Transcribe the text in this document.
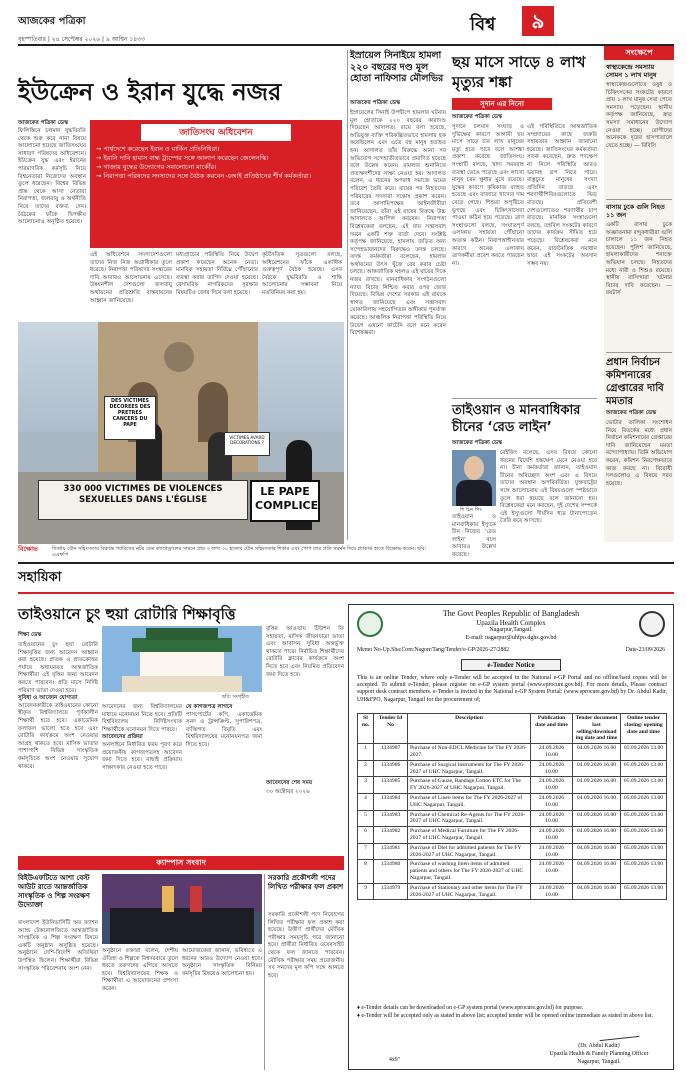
আজকের পত্রিকা
বৃহস্পতিবার | ২৪ সেপ্টেম্বর ২০২৬ | ৯ আশ্বিন ১৪৩৩
বিশ্ব	৯
ইউক্রেন ও ইরান যুদ্ধে নজর
আজকের পত্রিকা ডেস্ক
ফিলিস্তিনে চলমান যুদ্ধবিরতি থেকে শুরু করে নানা বিষয়ে আলোচনা হয়েছে জাতিসংঘের সাধারণ পরিষদের অধিবেশনে। ইউক্রেন যুদ্ধ এবং ইরানের পারমাণবিক কর্মসূচি নিয়ে বিশ্বনেতারা নিজেদের অবস্থান তুলে ধরেছেন। বিশ্বের বিভিন্ন প্রান্ত থেকে আসা নেতারা নিরাপত্তা, জলবায়ু ও অর্থনীতি নিয়ে তাদের বক্তব্য দেন। বৈঠকের ফাঁকে দ্বিপক্ষীয় আলোচনাও অনুষ্ঠিত হয়েছে।
জাতিসংঘ অধিবেশন
→ পার্শ্বদেশে করেছেন ইরান ও মার্কিন প্রতিনিধিরা।
→ ইরানি দাবি হামাস বাহ্ম ট্রাম্পের সঙ্গে আলাপ করেছেন জেলেনস্কি।
→ গাজায় যুদ্ধের উদ্যোগের সমালোচনা মার্কোঁর।
→ নিরাপত্তা পরিষদের সদস্যদের সঙ্গে বৈঠক করবেন এআই প্রতিষ্ঠানের শীর্ষ কর্মকর্তারা।
এই অধিবেশনে সদস্যদেশগুলো তাদের নিজ নিজ অগ্রাধিকার তুলে ধরেছে। নিরাপত্তা পরিষদের সংস্কারের দাবি আবারও আলোচনায় এসেছে। উন্নয়নশীল দেশগুলো জলবায়ু অর্থায়নের প্রতিশ্রুতি বাস্তবায়নের আহ্বান জানিয়েছে।
মধ্যপ্রাচ্যের পরিস্থিতি নিয়ে উদ্বেগ প্রকাশ করেছেন অনেক নেতা। মানবিক সহায়তা নির্বিঘ্নে পৌঁছানোর ব্যবস্থা করার তাগিদ দেওয়া হয়েছে। বেসামরিক নাগরিকদের সুরক্ষার বিষয়টিও জোর দিয়ে বলা হয়েছে।
কূটনৈতিক সূত্রগুলো বলছে, অধিবেশনের ফাঁকে একাধিক গুরুত্বপূর্ণ বৈঠক হয়েছে। এসব বৈঠকে যুদ্ধবিরতি ও শান্তি আলোচনার সম্ভাবনা নিয়ে মতবিনিময় করা হয়।
DES VICTIMES DECOREES DES PRETRES CANCERS DU PAPE
VICTIMES AVARD DECORATIONS ?
330 000 VICTIMES DE VIOLENCES SEXUELLES DANS L'ÉGLISE
LE PAPE COMPLICE
বিক্ষোভ	গির্জায় যৌন সহিংসতার বিরুদ্ধে প্যারিসের নটর ডেম ক্যাথেড্রালের সামনে প্রায় ৩ লাখ ৩০ হাজার যৌন সহিংসতার শিকার এবং পোপ তার প্রতি সমর্থন দিয়ে প্ল্যাকার্ড হাতে বিক্ষোভ করেন। ছবি: এএফপি
ইস্রায়েল সিনাইয়ে হামলা ২২০ বছরের দণ্ড মূল হোতা নাফিসার মৌলভির
আজকের পত্রিকা ডেস্ক
ইস্রায়েলের সিনাই উপদ্বীপে হামলার ঘটনায় মূল হোতাকে ২২০ বছরের কারাদণ্ড দিয়েছেন আদালত। রায়ে বলা হয়েছে, অভিযুক্ত ব্যক্তি পরিকল্পিতভাবে হামলার ছক কষেছিলেন এবং এতে বহু মানুষ হতাহত হন। আদালত তাঁর বিরুদ্ধে আনা সব অভিযোগ সন্দেহাতীতভাবে প্রমাণিত হয়েছে বলে উল্লেখ করেন। মামলার শুনানিতে প্রত্যক্ষদর্শীদের সাক্ষ্য নেওয়া হয়। আদালত বলেন, এ ধরনের অপরাধ সমাজে ভয়ের পরিবেশ তৈরি করে। রায়ের পর নিহতদের পরিবারের সদস্যরা সন্তোষ প্রকাশ করেন। তবে আসামিপক্ষের আইনজীবীরা জানিয়েছেন, তাঁরা এই রায়ের বিরুদ্ধে উচ্চ আদালতে আপিল করবেন। নিরাপত্তা বিশ্লেষকেরা বলছেন, এই রায় সন্ত্রাসবাদ দমনে একটি শক্ত বার্তা দেবে। সংশ্লিষ্ট কর্তৃপক্ষ জানিয়েছে, হামলায় জড়িত অন্য সন্দেহভাজনদের বিরুদ্ধেও তদন্ত চলছে। তদন্ত কর্মকর্তারা বলেছেন, হামলার অর্থায়নের উৎস খুঁজে বের করার চেষ্টা চলছে। আন্তর্জাতিক মহলও এই রায়ের দিকে নজর রাখছে। মানবাধিকার সংগঠনগুলো ন্যায্য বিচার নিশ্চিত করার ওপর জোর দিয়েছে। বিভিন্ন দেশের সরকার এই রায়কে স্বাগত জানিয়েছে এবং সন্ত্রাসবাদ মোকাবিলায় সহযোগিতার অঙ্গীকার পুনর্ব্যক্ত করেছে। আঞ্চলিক নিরাপত্তা পরিস্থিতি নিয়ে উদ্বেগ এখনো কাটেনি বলে মনে করেন বিশেষজ্ঞরা।
ছয় মাসে সাড়ে ৪ লাখ মৃত্যুর শঙ্কা
সুদান এর নিনো
আজকের পত্রিকা ডেস্ক
সুদানে চলমান সংঘাত ও দুর্ভিক্ষের কারণে আগামী ছয় মাসে সাড়ে চার লাখ মানুষের মৃত্যু হতে পারে বলে আশঙ্কা প্রকাশ করেছে জাতিসংঘ। সংস্থাটি বলছে, খাদ্য সরবরাহ ব্যবস্থা ভেঙে পড়েছে এবং লাখো মানুষ চরম ক্ষুধার মুখে রয়েছে। যুদ্ধের কারণে কৃষিকাজ ব্যাহত হয়েছে এবং বাজারে খাদ্যের দাম বেড়ে গেছে। শিশুরা অপুষ্টিতে ভুগছে এবং চিকিৎসাসেবা পাওয়া কঠিন হয়ে পড়েছে। ত্রাণ সংস্থাগুলো বলছে, সংঘাতপূর্ণ এলাকায় সহায়তা পৌঁছানো অত্যন্ত কঠিন। নিরাপত্তাহীনতার কারণে অনেক এলাকায় ত্রাণকর্মীরা প্রবেশ করতে পারছেন না।
এই পরিস্থিতিতে আন্তর্জাতিক সম্প্রদায়ের কাছে জরুরি সহায়তার আহ্বান জানানো হয়েছে। জাতিসংঘের কর্মকর্তারা সতর্ক করেছেন, দ্রুত পদক্ষেপ না নিলে পরিস্থিতি আরও ভয়াবহ রূপ নিতে পারে। বাস্তুচ্যুত মানুষের সংখ্যা প্রতিদিন বাড়ছে এবং শরণার্থীশিবিরগুলোতে ভিড় বাড়ছে। প্রতিবেশী দেশগুলোতেও শরণার্থীর চাপ বাড়ছে। মানবিক সংস্থাগুলো বলছে, তহবিল সংকটের কারণে তাদের কার্যক্রম সীমিত হয়ে পড়েছে। বিশ্লেষকেরা মনে করেন, রাজনৈতিক সমাধান ছাড়া এই সংকটের অবসান সম্ভব নয়।
তাইওয়ান ও মানবাধিকার চীনের ‘রেড লাইন’
আজকের পত্রিকা ডেস্ক
শি চিন পিং
তাইওয়ান ও মানবাধিকার ইস্যুকে চীন নিজের ‘রেড লাইন’ বলে আবারও উল্লেখ করেছে।
বেইজিং বলেছে, এসব বিষয়ে কোনো ধরনের বিদেশি হস্তক্ষেপ মেনে নেওয়া হবে না। চীনা কর্মকর্তারা জানান, তাইওয়ান চীনের অবিচ্ছেদ্য অংশ এবং এ বিষয়ে তাদের অবস্থান অপরিবর্তিত। যুক্তরাষ্ট্রের সঙ্গে আলোচনায় এই বিষয়গুলো স্পষ্টভাবে তুলে ধরা হয়েছে বলে জানানো হয়। বিশ্লেষকেরা মনে করছেন, দুই দেশের সম্পর্কে এই ইস্যুগুলো দীর্ঘদিন ধরে টানাপোড়েন তৈরি করে আসছে।
সংক্ষেপে
স্বাস্থ্যকেন্দ্রে সমস্যায় সোমন ১ লাখ মানুষ
স্বাস্থ্যকেন্দ্রগুলোতে ওষুধ ও চিকিৎসকের সংকটের কারণে প্রায় ১ লাখ মানুষ সেবা পেতে সমস্যায় পড়েছেন। স্থানীয় কর্তৃপক্ষ জানিয়েছে, দ্রুত সমস্যা সমাধানের উদ্যোগ নেওয়া হচ্ছে। রোগীদের অনেককে দূরের হাসপাতালে যেতে হচ্ছে। — বিবিসি
বাসায় ঢুকে গুলি নিহত ১১ জন
একটি বাসায় ঢুকে অজ্ঞাতনামা বন্দুকধারীরা গুলি চালালে ১১ জন নিহত হয়েছেন। পুলিশ জানিয়েছে, হামলাকারীদের শনাক্তে অভিযান চলছে। নিহতদের মধ্যে নারী ও শিশুও রয়েছে। স্থানীয় বাসিন্দারা ঘটনার বিচার দাবি করেছেন। — রয়টার্স
প্রধান নির্বাচন কমিশনারের গ্রেপ্তারের দাবি মমতার
আজকের পত্রিকা ডেস্ক
ভোটার তালিকা সংশোধন নিয়ে বিতর্কের মধ্যে প্রধান নির্বাচন কমিশনারের গ্রেপ্তারের দাবি জানিয়েছেন মমতা বন্দ্যোপাধ্যায়। তিনি অভিযোগ করেন, কমিশন নিরপেক্ষভাবে কাজ করছে না। বিরোধী দলগুলোও এ বিষয়ে সরব হয়েছে।
সহায়িকা
তাইওয়ানে চুং হুয়া রোটারি শিক্ষাবৃত্তি
শিক্ষা ডেস্ক
তাইওয়ানের চুং হুয়া রোটারি শিক্ষাবৃত্তির জন্য আবেদন আহ্বান করা হয়েছে। স্নাতক ও স্নাতকোত্তর পর্যায়ে অধ্যয়নরত আন্তর্জাতিক শিক্ষার্থীরা এই বৃত্তির জন্য আবেদন করতে পারবেন। প্রতি মাসে নির্দিষ্ট পরিমাণ ভাতা দেওয়া হবে।
সুবিধা ও আবেদন যোগ্যতা
আবেদনকারীকে তাইওয়ানের কোনো স্বীকৃত বিশ্ববিদ্যালয়ে পূর্ণকালীন শিক্ষার্থী হতে হবে। একাডেমিক ফলাফল ভালো হতে হবে এবং রোটারি কার্যক্রমে অংশ নেওয়ার আগ্রহ থাকতে হবে। মাসিক ভাতার পাশাপাশি বিভিন্ন সাংস্কৃতিক কর্মসূচিতে অংশ নেওয়ার সুযোগ থাকবে।
ছবি: সংগৃহীত
আবেদনের জন্য বিশ্ববিদ্যালয়ের মাধ্যমে মনোনয়ন নিতে হবে। প্রতিটি বিশ্ববিদ্যালয় নির্দিষ্টসংখ্যক শিক্ষার্থীকে মনোনয়ন দিতে পারবে।
আবেদনের প্রক্রিয়া
অনলাইনে নির্ধারিত ফরম পূরণ করে প্রয়োজনীয় কাগজপত্রসহ আবেদন জমা দিতে হবে। বাছাই প্রক্রিয়ায় সাক্ষাৎকার নেওয়া হতে পারে।
যে কাগজপত্র লাগবে
পাসপোর্টের কপি, একাডেমিক সনদ ও ট্রান্সক্রিপ্ট, সুপারিশপত্র, ব্যক্তিগত বিবৃতি এবং বিশ্ববিদ্যালয়ের মনোনয়নপত্র জমা দিতে হবে।
বৃত্তির আওতায় টিউশন ফি সহায়তা, মাসিক জীবনযাত্রা ভাতা এবং আবাসন সুবিধা অন্তর্ভুক্ত থাকতে পারে। নির্বাচিত শিক্ষার্থীদের রোটারি ক্লাবের কার্যক্রমে অংশ নিতে হবে এবং নিয়মিত প্রতিবেদন জমা দিতে হবে।
আবেদনের শেষ সময়
৩০ অক্টোবর ২০২৬
ক্যাম্পাস সংবাদ
বিইউএফটিতে আশা বেস্ট আউট রাতে আন্তর্জাতিক সাংস্কৃতিক ও শিল্প সংরক্ষণ উদ্যোক্তা
বাংলাদেশ ইউনিভার্সিটি অব ফ্যাশন অ্যান্ড টেকনোলজিতে আন্তর্জাতিক সাংস্কৃতিক ও শিল্প সংরক্ষণ বিষয়ে একটি অনুষ্ঠান অনুষ্ঠিত হয়েছে। অনুষ্ঠানে দেশি-বিদেশি অতিথিরা উপস্থিত ছিলেন। শিক্ষার্থীরা বিভিন্ন সাংস্কৃতিক পরিবেশনায় অংশ নেন।
অনুষ্ঠানে বক্তারা বলেন, দেশীয় ঐতিহ্য ও শিল্পকে বিশ্বদরবারে তুলে ধরতে তরুণদের এগিয়ে আসতে হবে। বিশ্ববিদ্যালয়ের শিক্ষক ও শিক্ষার্থীরা এ আয়োজনের প্রশংসা করেন।
আয়োজকেরা জানান, ভবিষ্যতে এ ধরনের আরও উদ্যোগ নেওয়া হবে। অনুষ্ঠানে সাংস্কৃতিক বিনিময় কর্মসূচির বিষয়েও আলোচনা হয়।
সরকারি প্রকৌশলী পদের লিখিত পরীক্ষার ফল প্রকাশ
সরকারি প্রকৌশলী পদে নিয়োগের লিখিত পরীক্ষার ফল প্রকাশ করা হয়েছে। উত্তীর্ণ প্রার্থীদের মৌখিক পরীক্ষার সময়সূচি পরে জানানো হবে। প্রার্থীরা নির্ধারিত ওয়েবসাইট থেকে ফল জানতে পারবেন। মৌখিক পরীক্ষার সময় প্রয়োজনীয় সব সনদের মূল কপি সঙ্গে আনতে হবে।
The Govt Peoples Republic of Bangladesh
Upazila Health Complex
Nagarpur,Tangail.
E-mail: nagarpur@uhfpo.dghs.gov.bd
Memo No-Up.Sha:Com:Nagorr/Tang/Tender/e-GP/2026-27/2882	Date-23/09/2026
e-Tender Notice
This is an online Tender, where only e-Tender will be accepted in the National e-GP Portal and no offline/hard copies will be accepted. To submit e-Tender, please register on e-GP system portal (www.eprocure.gov.bd). For more details, Please contract support desk contract members. e-Tender is invited in the National e-GP System Portal: (www.eprocure.gov.bd) by Dr. Abdul Kadir, UH&FPO, Nagarpur, Tangail for the procurement of;
Sl no.	Tender Id No	Description	Publication date and time	Tender document last selling/download ing date and time	Online tender closing/ opening date and time
1	1334987	Purchase of Non-EDCL Medicine for The FY 2026-2027.	24.09.2026 10.00	04.09.2026 16.00	05.09.2026 13.00
2	1334986	Purchase of Surgical Instruments for The FY 2026-2027 of UHC Nagarpur, Tangail.	24.09.2026 10.00	04.09.2026 16.00	05.09.2026 13.00
3	1334985	Purchase of Gauze, Bandage,Cotton ETC for The FY 2026-2027 of UHC Nagarpur, Tangail.	24.09.2026 10.00	04.09.2026 16.00	05.09.2026 13.00
4	1334984	Purchase of Linen items for The FY 2026-2027 of UHC Nagarpur, Tangail.	24.09.2026 10.00	04.09.2026 16.00	05.09.2026 13.00
5	1334983	Purchase of Chemical Re-Agents for The FY 2026-2027 of UHC Nagarpur, Tangail.	24.09.2026 10.00	04.09.2026 16.00	05.09.2026 13.00
6	1334982	Purchase of Medical Furniture for The FY 2026-2027 of UHC Nagarpur, Tangail.	24.09.2026 10.00	04.09.2026 16.00	05.09.2026 13.00
7	1334981	Purchase of Diet for admitted patients for The FY 2026-2027 of UHC Nagarpur, Tangail.	24.09.2026 10.00	04.09.2026 16.00	05.09.2026 13.00
8	1334980	Purchase of washing linen items of admitted patients and others for The FY 2026-2027 of UHC Nagarpur, Tangail.	24.09.2026 10.00	04.09.2026 16.00	05.09.2026 13.00
9	1334979	Purchase of Stationary and other items for The FY 2026-2027 of UHC Nagarpur, Tangail.	24.09.2026 10.00	04.09.2026 16.00	05.09.2026 13.00
♦ e-Tender details can be downloaded on e-GP system portal (www.eprocure.gov.bd) for purpose.
♦ e-Tender will be accepted only as stated in above list; accepted tender will be opened online immediate as stated in above list.
(Dr. Abdul Kadir)
Upazila Health & Family Planning Officer
Nagarpur, Tangail.
4x9"
